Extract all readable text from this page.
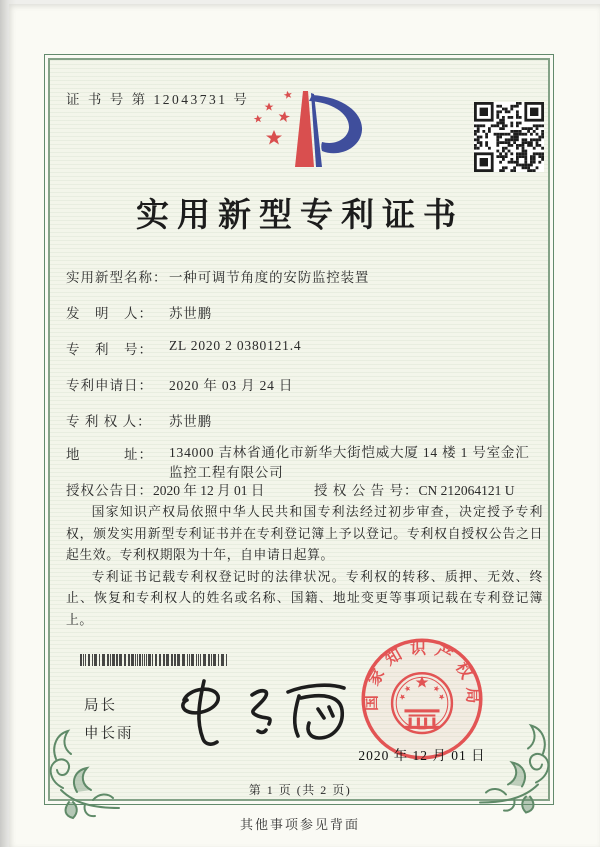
证 书 号 第 12043731 号
实用新型专利证书
实用新型名称： 一种可调节角度的安防监控装置
发　明　人：	苏世鹏
专　利　号：	ZL 2020 2 0380121.4
专利申请日：	2020 年 03 月 24 日
专 利 权 人：	苏世鹏
地　　　址：	134000 吉林省通化市新华大街恺威大厦 14 楼 1 号室金汇监控工程有限公司
授权公告日：2020 年 12 月 01 日	授 权 公 告 号：CN 212064121 U

国家知识产权局依照中华人民共和国专利法经过初步审查，决定授予专利权，颁发实用新型专利证书并在专利登记簿上予以登记。专利权自授权公告之日起生效。专利权期限为十年，自申请日起算。

专利证书记载专利权登记时的法律状况。专利权的转移、质押、无效、终止、恢复和专利权人的姓名或名称、国籍、地址变更等事项记载在专利登记簿上。

局长
申长雨
国家知识产权局
2020 年 12 月 01 日
第 1 页 (共 2 页)
其他事项参见背面
